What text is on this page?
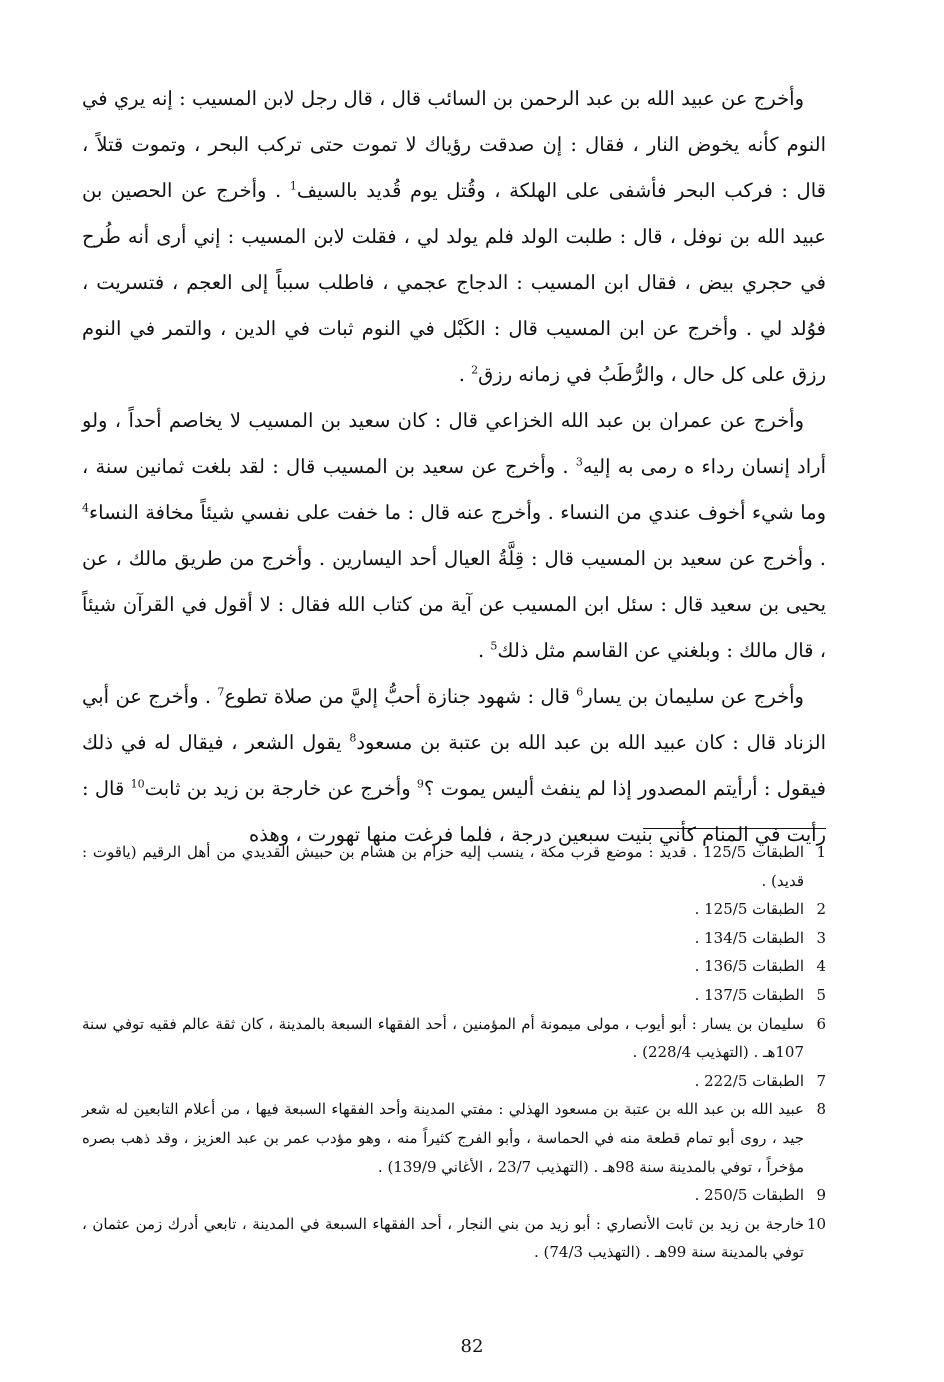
وأخرج عن عبيد الله بن عبد الرحمن بن السائب قال ، قال رجل لابن المسيب : إنه يري في النوم كأنه يخوض النار ، فقال : إن صدقت رؤياك لا تموت حتى تركب البحر ، وتموت قتلاً ، قال : فركب البحر فأشفى على الهلكة ، وقُتل يوم قُديد بالسيف$^1$ . وأخرج عن الحصين بن عبيد الله بن نوفل ، قال : طلبت الولد فلم يولد لي ، فقلت لابن المسيب : إني أرى أنه طُرح في حجري بيض ، فقال ابن المسيب : الدجاج عجمي ، فاطلب سبباً إلى العجم ، فتسريت ، فوُلد لي . وأخرج عن ابن المسيب قال : الكَبْل في النوم ثبات في الدين ، والتمر في النوم رزق على كل حال ، والرُّطَبُ في زمانه رزق$^2$ .

وأخرج عن عمران بن عبد الله الخزاعي قال : كان سعيد بن المسيب لا يخاصم أحداً ، ولو أراد إنسان رداء ه رمى به إليه$^3$ . وأخرج عن سعيد بن المسيب قال : لقد بلغت ثمانين سنة ، وما شيء أخوف عندي من النساء . وأخرج عنه قال : ما خفت على نفسي شيئاً مخافة النساء$^4$ . وأخرج عن سعيد بن المسيب قال : قِلَّةُ العيال أحد اليسارين . وأخرج من طريق مالك ، عن يحيى بن سعيد قال : سئل ابن المسيب عن آية من كتاب الله فقال : لا أقول في القرآن شيئاً ، قال مالك : وبلغني عن القاسم مثل ذلك$^5$ .

وأخرج عن سليمان بن يسار$^6$ قال : شهود جنازة أحبُّ إليَّ من صلاة تطوع$^7$ . وأخرج عن أبي الزناد قال : كان عبيد الله بن عبد الله بن عتبة بن مسعود$^8$ يقول الشعر ، فيقال له في ذلك فيقول : أرأيتم المصدور إذا لم ينفث أليس يموت ؟$^9$ وأخرج عن خارجة بن زيد بن ثابت$^{10}$ قال : رأيت في المنام كأني بنيت سبعين درجة ، فلما فرغت منها تهورت ، وهذه

1
الطبقات 125/5 . قديد : موضع قرب مكة ، ينسب إليه حزام بن هشام بن حبيش القديدي من أهل الرقيم (ياقوت : قديد) .
2
الطبقات 125/5 .
3
الطبقات 134/5 .
4
الطبقات 136/5 .
5
الطبقات 137/5 .
6
سليمان بن يسار : أبو أيوب ، مولى ميمونة أم المؤمنين ، أحد الفقهاء السبعة بالمدينة ، كان ثقة عالم فقيه توفي سنة 107هـ . (التهذيب 228/4) .
7
الطبقات 222/5 .
8
عبيد الله بن عبد الله بن عتبة بن مسعود الهذلي : مفتي المدينة وأحد الفقهاء السبعة فيها ، من أعلام التابعين له شعر جيد ، روى أبو تمام قطعة منه في الحماسة ، وأبو الفرج كثيراً منه ، وهو مؤدب عمر بن عبد العزيز ، وقد ذهب بصره مؤخراً ، توفي بالمدينة سنة 98هـ . (التهذيب 23/7 ، الأغاني 139/9) .
9
الطبقات 250/5 .
10
خارجة بن زيد بن ثابت الأنصاري : أبو زيد من بني النجار ، أحد الفقهاء السبعة في المدينة ، تابعي أدرك زمن عثمان ، توفي بالمدينة سنة 99هـ . (التهذيب 74/3) .
82
